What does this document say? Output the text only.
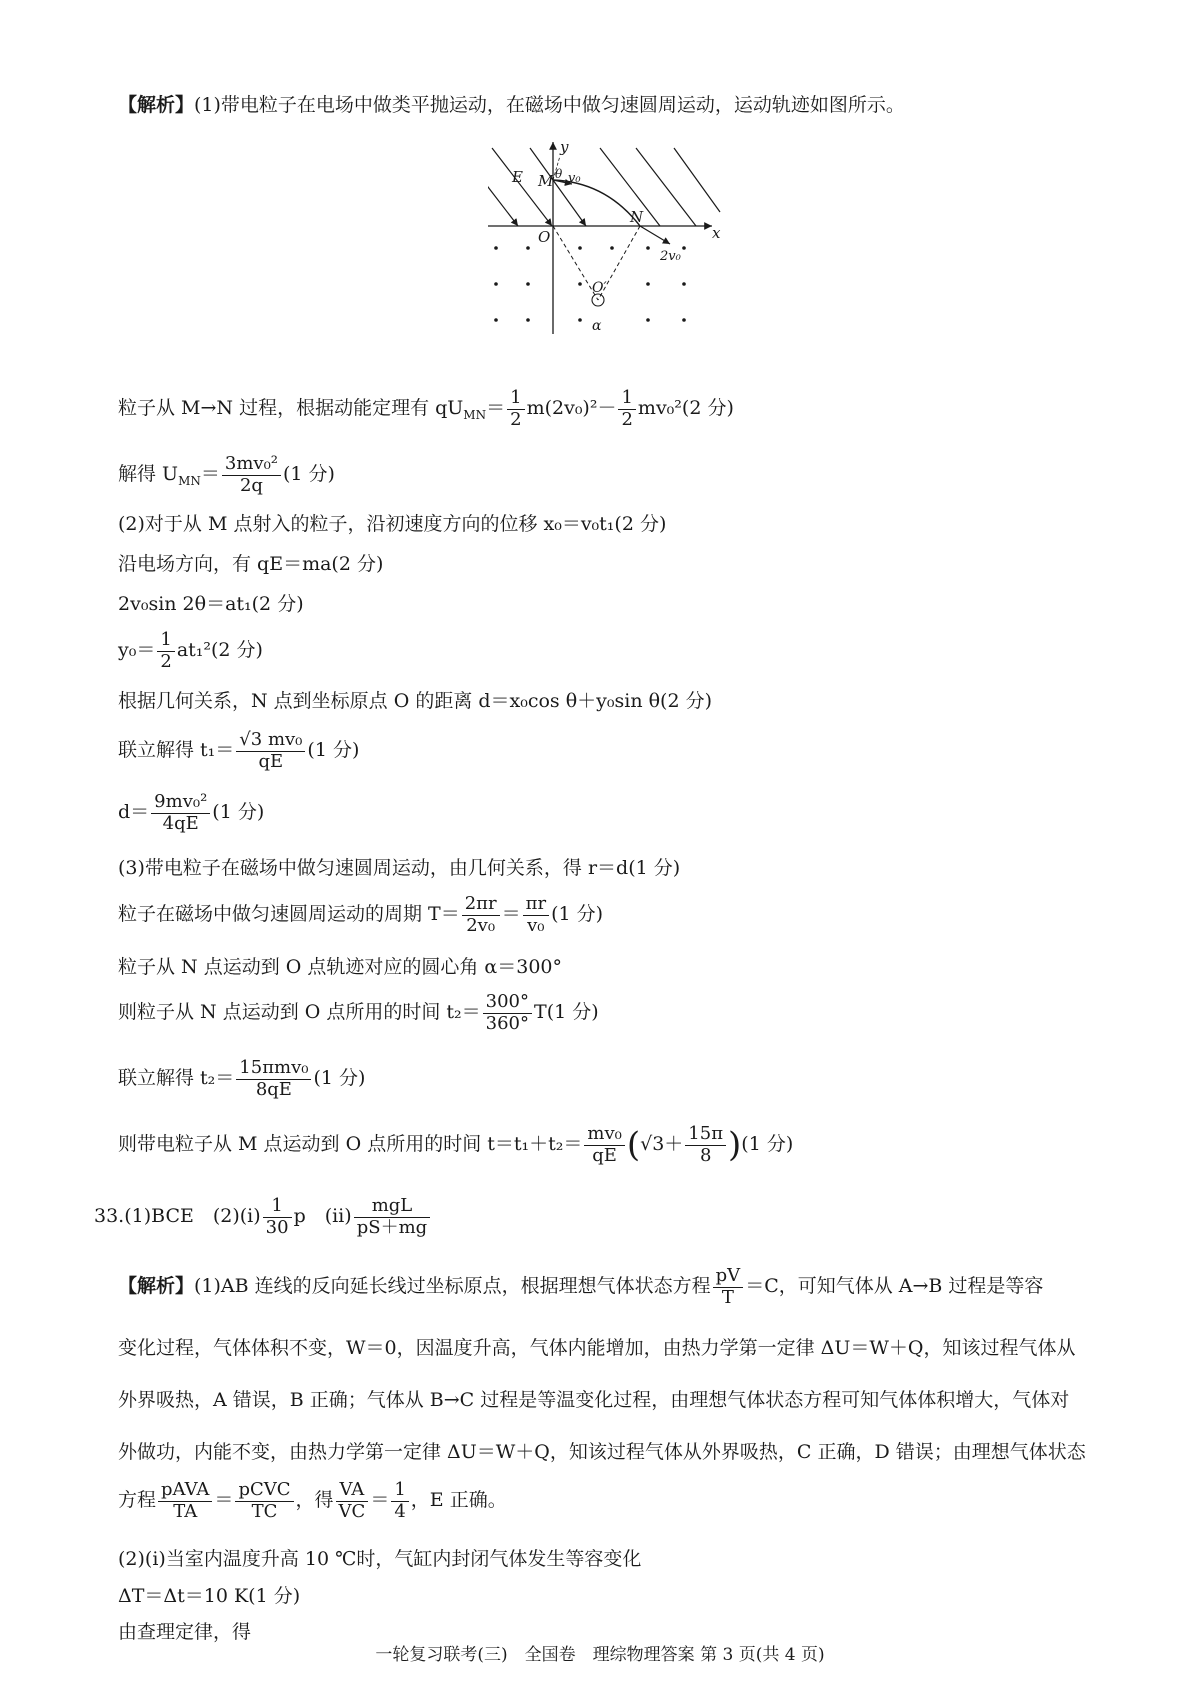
【解析】(1)带电粒子在电场中做类平抛运动，在磁场中做匀速圆周运动，运动轨迹如图所示。
E M θ v₀
N
O
O′
y
x
2v₀
α
粒子从 M→N 过程，根据动能定理有 $qU_{MN}= \frac{1}{2} m(2v_0)^2- \frac{1}{2} mv_0^2(2$ 分)
解得 $U_{MN}= \frac{\text{3mv₀²}}{2q} (1$ 分)
(2)对于从 M 点射入的粒子，沿初速度方向的位移 x₀＝v₀t₁(2 分)
沿电场方向，有 qE＝ma(2 分)
2v₀sin 2θ＝at₁(2 分)
$y_0= \frac{1}{2} at_1^2(2$ 分)
根据几何关系，N 点到坐标原点 O 的距离 d＝x₀cos θ＋y₀sin θ(2 分)
联立解得 $t_1= \frac{\text{√3 mv₀}}{qE} (1$ 分)
$d= \frac{\text{9mv₀²}}{4qE} (1$ 分)
(3)带电粒子在磁场中做匀速圆周运动，由几何关系，得 r＝d(1 分)
粒子在磁场中做匀速圆周运动的周期 $T= \frac{2\pi r}{\text{2v₀}} = \frac{\pi r}{\text{v₀}} (1$ 分)
粒子从 N 点运动到 O 点轨迹对应的圆心角 α＝300°
则粒子从 N 点运动到 O 点所用的时间 $t_2= \frac{300^\circ}{360^\circ} T(1$ 分)
联立解得 $t_2= \frac{\text{15πmv₀}}{8qE} (1$ 分)
则带电粒子从 M 点运动到 O 点所用的时间 $t=t_1+t_2= \frac{\text{mv₀}}{qE} (√3+ \frac{15\pi}{8} )(1$ 分)
33.(1)BCE　(2)(ⅰ) $\frac{1}{30}$ p　(ⅱ) $\frac{\text{mgL}}{pS+mg}$
【解析】(1)AB 连线的反向延长线过坐标原点，根据理想气体状态方程 $\frac{pV}{T} =C$，可知气体从 A→B 过程是等容
变化过程，气体体积不变，W＝0，因温度升高，气体内能增加，由热力学第一定律 ΔU＝W＋Q，知该过程气体从
外界吸热，A 错误，B 正确；气体从 B→C 过程是等温变化过程，由理想气体状态方程可知气体体积增大，气体对
外做功，内能不变，由热力学第一定律 ΔU＝W＋Q，知该过程气体从外界吸热，C 正确，D 错误；由理想气体状态
方程 $\frac{\text{pAVA}}{TA} = \frac{\text{pCVC}}{TC}$ ，得 $\frac{VA}{VC} = \frac{1}{4}$ ，E 正确。
(2)(ⅰ)当室内温度升高 10 ℃时，气缸内封闭气体发生等容变化
ΔT＝Δt＝10 K(1 分)
由查理定律，得
一轮复习联考(三)　全国卷　理综物理答案 第 3 页(共 4 页)
